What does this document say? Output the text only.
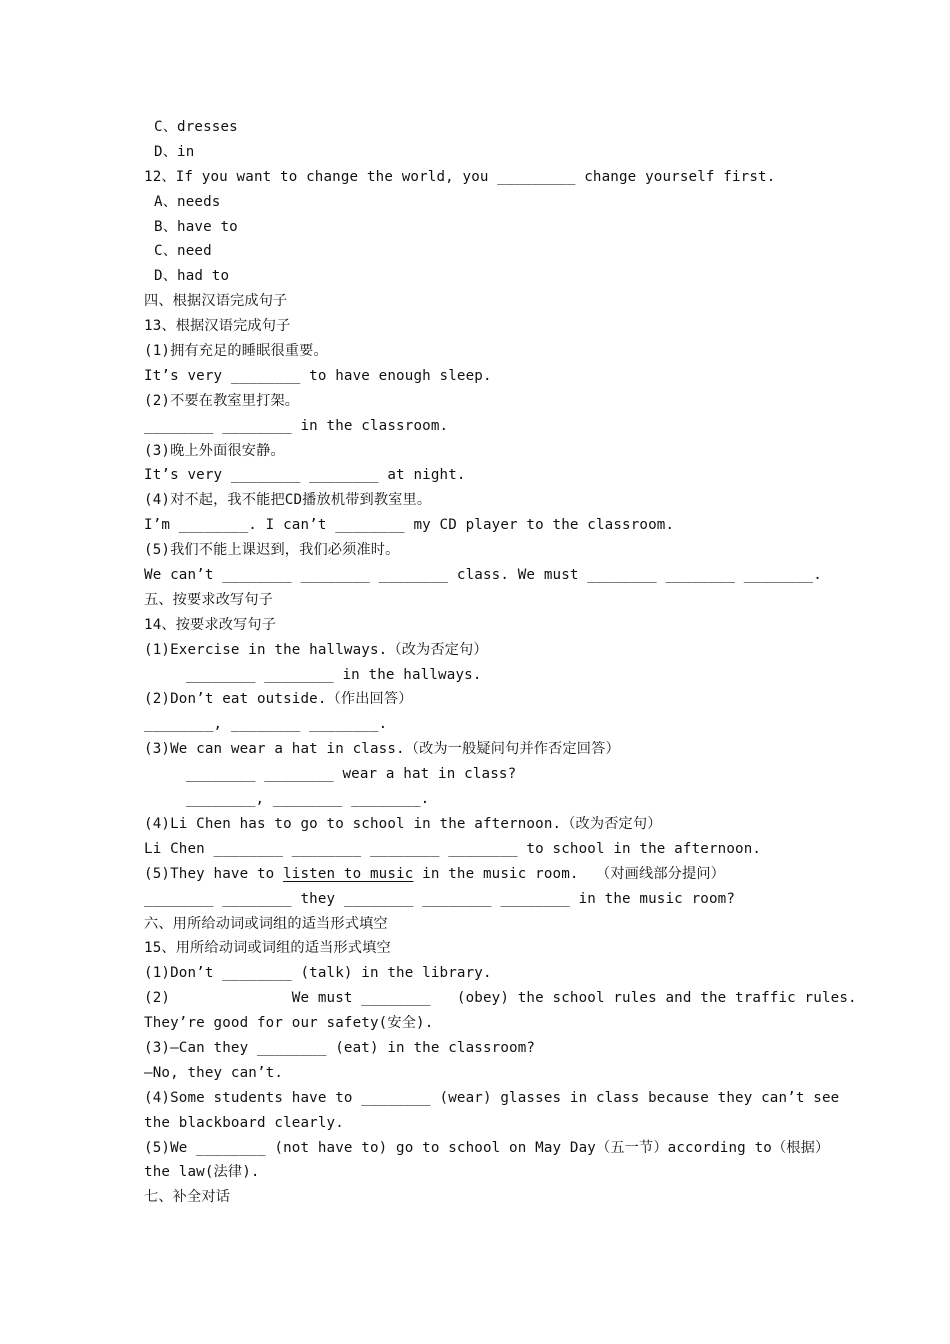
C、dresses
D、in
12、If you want to change the world, you _________ change yourself first.
A、needs
B、have to
C、need
D、had to
四、根据汉语完成句子
13、根据汉语完成句子
(1)拥有充足的睡眠很重要。
It’s very ________ to have enough sleep.
(2)不要在教室里打架。
________ ________ in the classroom.
(3)晚上外面很安静。
It’s very ________ ________ at night.
(4)对不起，我不能把CD播放机带到教室里。
I’m ________. I can’t ________ my CD player to the classroom.
(5)我们不能上课迟到，我们必须准时。
We can’t ________ ________ ________ class. We must ________ ________ ________.
五、按要求改写句子
14、按要求改写句子
(1)Exercise in the hallways.（改为否定句）
________ ________ in the hallways.
(2)Don’t eat outside.（作出回答）
________, ________ ________.
(3)We can wear a hat in class.（改为一般疑问句并作否定回答）
________ ________ wear a hat in class?
________, ________ ________.
(4)Li Chen has to go to school in the afternoon.（改为否定句）
Li Chen ________ ________ ________ ________ to school in the afternoon.
(5)They have to listen to music in the music room.  （对画线部分提问）
________ ________ they ________ ________ ________ in the music room?
六、用所给动词或词组的适当形式填空
15、用所给动词或词组的适当形式填空
(1)Don’t ________ (talk) in the library.
(2)              We must ________   (obey) the school rules and the traffic rules.
They’re good for our safety(安全).
(3)—Can they ________ (eat) in the classroom?
—No, they can’t.
(4)Some students have to ________ (wear) glasses in class because they can’t see
the blackboard clearly.
(5)We ________ (not have to) go to school on May Day（五一节）according to（根据）
the law(法律).
七、补全对话
